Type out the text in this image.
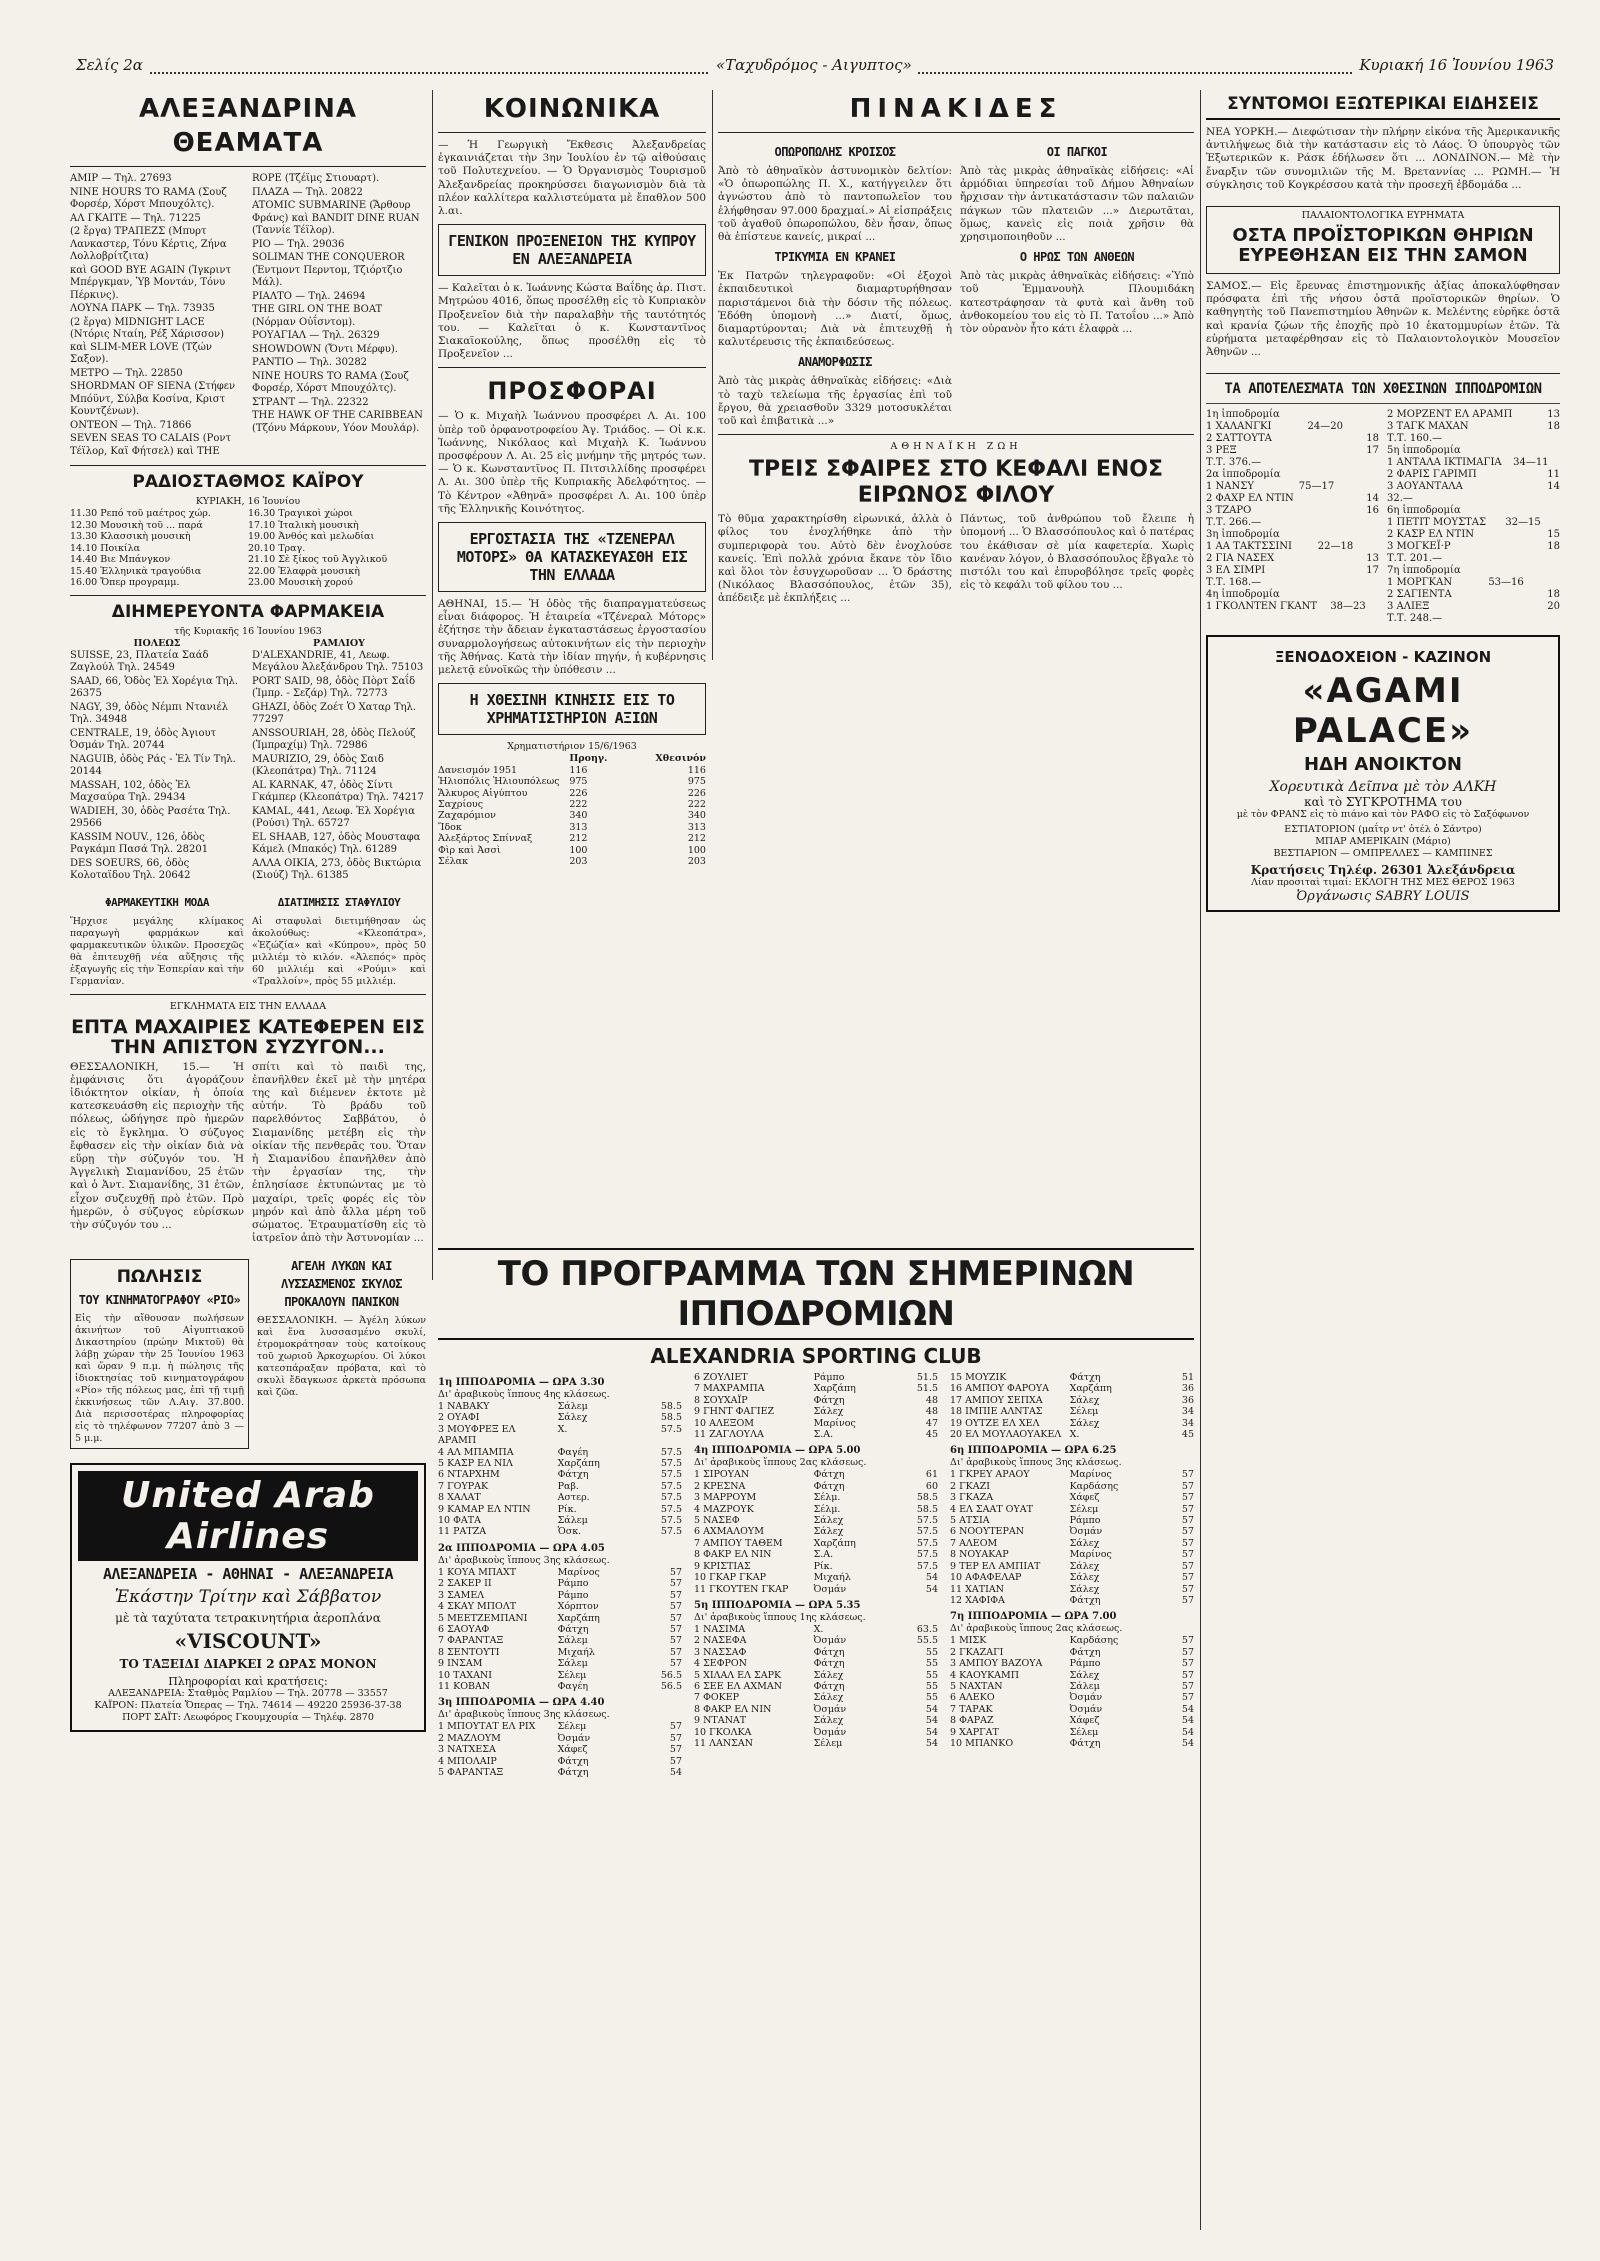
Σελίς 2α	«Ταχυδρόμος - Αιγυπτος»	Κυριακή 16 Ἰουνίου 1963
ΑΛΕΞΑΝΔΡΙΝΑ ΘΕΑΜΑΤΑ
ΑΜΙΡ — Τηλ. 27693
NINE HOURS TO RAMA (Σουζ Φορσέρ, Χόρστ Μπουχόλτς).
ΑΛ ΓΚΑΙΤΕ — Τηλ. 71225
(2 ἔργα) ΤΡΑΠΕΖΣ (Μπυρτ Λανκαστερ, Τόνυ Κέρτις, Ζήνα Λολλοβρίτζιτα)
καὶ GOOD BYE AGAIN (Ἰγκριντ Μπέργκμαν, Ὑβ Μοντάν, Τόνυ Πέρκινς).
ΛΟΥΝΑ ΠΑΡΚ — Τηλ. 73935
(2 ἔργα) MIDNIGHT LACE (Ντόρις Νταίη, Ρέξ Χάρισσον) καὶ SLIM-MER LOVE (Τζών Σαξον).
ΜΕΤΡΟ — Τηλ. 22850
SHORDMAN OF SIENA (Στήφεν Μπόϋντ, Σύλβα Κοσίνα, Κριστ Κουντζένων).
ΟΝΤΕΟΝ — Τηλ. 71866
SEVEN SEAS TO CALAIS (Ροντ Τέϊλορ, Καϊ Φήτσελ) καὶ THE
ROPE (Τζέϊμς Στιουαρτ).
ΠΛΑΖΑ — Τηλ. 20822
ATOMIC SUBMARINE (Ἄρθουρ Φράνς) καὶ BANDIT DINE RUAN (Ταννίε Τέϊλορ).
ΡΙΟ — Τηλ. 29036
SOLIMAN THE CONQUEROR (Ἐντμοντ Περντομ, Τζιόρτζιο Μάλ).
ΡΙΑΛΤΟ — Τηλ. 24694
THE GIRL ON THE BOAT (Νόρμαν Οὐΐσντομ).
ΡΟΥΑΓΙΑΛ — Τηλ. 26329
SHOWDOWN (Ὄντι Μέρφυ).
ΡΑΝΤΙΟ — Τηλ. 30282
NINE HOURS TO RAMA (Σουζ Φορσέρ, Χόρστ Μπουχόλτς).
ΣΤΡΑΝΤ — Τηλ. 22322
THE HAWK OF THE CARIBBEAN (Τζόνυ Μάρκουν, Υόον Μουλάρ).
ΡΑΔΙΟΣΤΑΘΜΟΣ ΚΑΪΡΟΥ
ΚΥΡΙΑΚΗ, 16 Ἰουνίου
11.30 Ρεπό τοῦ μαέτρος χώρ.	16.30 Τραγικοὶ χώροι
12.30 Μουσικὴ τοῦ ... παρά	17.10 Ἰταλικὴ μουσικὴ
13.30 Κλασσικὴ μουσικὴ	19.00 Ἀνθός καὶ μελωδίαι
14.10 Ποικίλα	20.10 Τραγ.
14.40 Βιε Μπάνγκον	21.10 Σὲ ξίκος τοῦ Ἀγγλικοῦ
15.40 Ἑλληνικὰ τραγούδια	22.00 Ἐλαφρὰ μουσικὴ
16.00 Ὄπερ προγραμμ.	23.00 Μουσικὴ χορού
ΔΙΗΜΕΡΕΥΟΝΤΑ ΦΑΡΜΑΚΕΙΑ
τῆς Κυριακῆς 16 Ἰουνίου 1963
ΠΟΛΕΩΣ
SUISSE, 23, Πλατεία Σαάδ Ζαγλούλ Τηλ. 24549
SAAD, 66, Ὁδὸς Ἐλ Χορέγια Τηλ. 26375
NAGY, 39, ὁδὸς Νέμπι Ντανιέλ Τηλ. 34948
CENTRALE, 19, ὁδὸς Ἀγιουτ Ὀσμάν Τηλ. 20744
NAGUIB, ὁδὸς Ράς - Ἐλ Τίν Τηλ. 20144
MASSAH, 102, ὁδὸς Ἐλ Μαχσαύρα Τηλ. 29434
WADIEH, 30, ὁδὸς Ρασέτα Τηλ. 29566
KASSIM NOUV., 126, ὁδὸς Ραγκάμπ Πασά Τηλ. 28201
DES SOEURS, 66, ὁδὸς Κολοταϊδου Τηλ. 20642
ΡΑΜΛΙΟΥ
D'ALEXANDRIE, 41, Λεωφ. Μεγάλου Ἀλεξάνδρου Τηλ. 75103
PORT SAID, 98, ὁδὸς Πὸρτ Σαΐδ (Ἰμπρ. - Σεζάρ) Τηλ. 72773
GHAZI, ὁδὸς Ζοέτ Ὁ Χαταρ Τηλ. 77297
ANSSOURIAH, 28, ὁδὸς Πελούζ (Ἰμπραχίμ) Τηλ. 72986
MAURIZIO, 29, ὁδὸς Σαιδ (Κλεοπάτρα) Τηλ. 71124
AL KARNAK, 47, ὁδὸς Σίντι Γκάμπερ (Κλεοπάτρα) Τηλ. 74217
KAMAL, 441, Λεωφ. Ἐλ Χορέγια (Ρούσι) Τηλ. 65727
EL SHAAB, 127, ὁδὸς Μουσταφα Κάμελ (Μπακός) Τηλ. 61289
ΑΛΛΑ ΟΙΚΙΑ, 273, ὁδὸς Βικτώρια (Σιούζ) Τηλ. 61385
ΦΑΡΜΑΚΕΥΤΙΚΗ ΜΟΔΑ
Ἤρχισε μεγάλης κλίμακος παραγωγὴ φαρμάκων καὶ φαρμακευτικῶν ὑλικῶν. Προσεχῶς θὰ ἐπιτευχθῇ νέα αὔξησις τῆς ἐξαγωγῆς εἰς τὴν Ἑσπερίαν καὶ τὴν Γερμανίαν.
ΔΙΑΤΙΜΗΣΙΣ ΣΤΑΦΥΛΙΟΥ
Αἱ σταφυλαὶ διετιμήθησαν ὡς ἀκολούθως: «Κλεοπάτρα», «Ἐζώζία» καὶ «Κύπρου», πρὸς 50 μιλλιέμ τὸ κιλόν. «Ἀλεπός» πρὸς 60 μιλλιέμ καὶ «Ρούμι» καὶ «Τραλλοίν», πρὸς 55 μιλλιέμ.
ΕΓΚΛΗΜΑΤΑ ΕΙΣ ΤΗΝ ΕΛΛΑΔΑ
ΕΠΤΑ ΜΑΧΑΙΡΙΕΣ ΚΑΤΕΦΕΡΕΝ ΕΙΣ ΤΗΝ ΑΠΙΣΤΟΝ ΣΥΖΥΓΟΝ...
ΘΕΣΣΑΛΟΝΙΚΗ, 15.— Ἡ ἐμφάνισις ὅτι ἀγοράζουν ἰδιόκτητον οἰκίαν, ἡ ὁποία κατεσκευάσθη εἰς περιοχὴν τῆς πόλεως, ὠδήγησε πρὸ ἡμερῶν εἰς τὸ ἔγκλημα. Ὁ σύζυγος ἔφθασεν εἰς τὴν οἰκίαν διὰ νὰ εὕρῃ τὴν σύζυγόν του. Ἡ Ἀγγελικὴ Σιαμανίδου, 25 ἐτῶν καὶ ὁ Ἀντ. Σιαμανίδης, 31 ἐτῶν, εἶχον συζευχθῇ πρὸ ἐτῶν. Πρὸ ἡμερῶν, ὁ σύζυγος εὑρίσκων τὴν σύζυγόν του ...
σπίτι καὶ τὸ παιδὶ της, ἐπανῆλθεν ἐκεῖ μὲ τὴν μητέρα της καὶ διέμενεν ἐκτοτε μὲ αὐτήν. Τὸ βράδυ τοῦ παρελθόντος Σαββάτου, ὁ Σιαμανίδης μετέβη εἰς τὴν οἰκίαν τῆς πενθερᾶς του. Ὅταν ἡ Σιαμανίδου ἐπανῆλθεν ἀπὸ τὴν ἐργασίαν της, τὴν ἐπλησίασε ἐκτυπώντας με τὸ μαχαίρι, τρεῖς φορές εἰς τὸν μηρόν καὶ ἀπὸ ἄλλα μέρη τοῦ σώματος. Ἐτραυματίσθη εἰς τὸ ἰατρεῖον ἀπὸ τὴν Ἀστυνομίαν ...
ΠΩΛΗΣΙΣ
ΤΟΥ ΚΙΝΗΜΑΤΟΓΡΑΦΟΥ «ΡΙΟ»
Εἰς τὴν αἴθουσαν πωλήσεων ἀκινήτων τοῦ Αἰγυπτιακοῦ Δικαστηρίου (πρώην Μικτοῦ) θὰ λάβῃ χώραν τὴν 25 Ἰουνίου 1963 καὶ ὥραν 9 π.μ. ἡ πώλησις τῆς ἰδιοκτησίας τοῦ κινηματογράφου «Ρίο» τῆς πόλεως μας, ἐπὶ τῇ τιμῇ ἐκκινήσεως τῶν Λ.Αιγ. 37.800. Διὰ περισσοτέρας πληροφορίας εἰς τὸ τηλέφωνον 77207 ἀπὸ 3 — 5 μ.μ.
ΑΓΕΛΗ ΛΥΚΩΝ ΚΑΙ ΛΥΣΣΑΣΜΕΝΟΣ ΣΚΥΛΟΣ ΠΡΟΚΑΛΟΥΝ ΠΑΝΙΚΟΝ
ΘΕΣΣΑΛΟΝΙΚΗ. — Ἀγέλη λύκων καὶ ἕνα λυσσασμένο σκυλί, ἐτρομοκράτησαν τοὺς κατοίκους τοῦ χωριοῦ Ἀρκοχωρίου. Οἱ λύκοι κατεσπάραξαν πρόβατα, καὶ τὸ σκυλὶ ἔδαγκωσε ἀρκετὰ πρόσωπα καὶ ζῶα.
United Arab Airlines
ΑΛΕΞΑΝΔΡΕΙΑ - ΑΘΗΝΑΙ - ΑΛΕΞΑΝΔΡΕΙΑ
Ἑκάστην Τρίτην καὶ Σάββατον
μὲ τὰ ταχύτατα τετρακινητήρια ἀεροπλάνα
«VISCOUNT»
ΤΟ ΤΑΞΕΙΔΙ ΔΙΑΡΚΕΙ 2 ΩΡΑΣ ΜΟΝΟΝ
Πληροφορίαι καὶ κρατήσεις:
ΑΛΕΞΑΝΔΡΕΙΑ: Σταθμὸς Ραμλίου — Τηλ. 20778 — 33557
ΚΑΪΡΟΝ: Πλατεία Ὄπερας — Τηλ. 74614 — 49220 25936-37-38
ΠΟΡΤ ΣΑΪΤ: Λεωφόρος Γκουμχουρία — Τηλέφ. 2870
ΚΟΙΝΩΝΙΚΑ
— Ἡ Γεωργικὴ Ἔκθεσις Ἀλεξανδρείας ἐγκαινιάζεται τὴν 3ην Ἰουλίου ἐν τῷ αἰθούσαις τοῦ Πολυτεχνείου. — Ὁ Ὀργανισμὸς Τουρισμοῦ Ἀλεξανδρείας προκηρύσσει διαγωνισμὸν διὰ τὰ πλέον καλλίτερα καλλιστεύματα μὲ ἔπαθλον 500 λ.αι.
ΓΕΝΙΚΟΝ ΠΡΟΞΕΝΕΙΟΝ ΤΗΣ ΚΥΠΡΟΥ ΕΝ ΑΛΕΞΑΝΔΡΕΙΑ
— Καλεῖται ὁ κ. Ἰωάννης Κώστα Βαΐδης ἀρ. Πιστ. Μητρώου 4016, ὅπως προσέλθῃ εἰς τὸ Κυπριακὸν Προξενεῖον διὰ τὴν παραλαβὴν τῆς ταυτότητός του. — Καλεῖται ὁ κ. Κωνσταντῖνος Σιακαϊοκούλης, ὅπως προσέλθῃ εἰς τὸ Προξενεῖον ...
ΠΡΟΣΦΟΡΑΙ
— Ὁ κ. Μιχαὴλ Ἰωάννου προσφέρει Λ. Αι. 100 ὑπὲρ τοῦ ὀρφανοτροφείου Ἀγ. Τριάδος. — Οἱ κ.κ. Ἰωάννης, Νικόλαος καὶ Μιχαὴλ Κ. Ἰωάννου προσφέρουν Λ. Αι. 25 εἰς μνήμην τῆς μητρός των. — Ὁ κ. Κωνσταντῖνος Π. Πιτσιλλίδης προσφέρει Λ. Αι. 300 ὑπὲρ τῆς Κυπριακῆς Ἀδελφότητος. — Τὸ Κέντρον «Ἀθηνᾶ» προσφέρει Λ. Αι. 100 ὑπὲρ τῆς Ἑλληνικῆς Κοινότητος.
ΕΡΓΟΣΤΑΣΙΑ ΤΗΣ «ΤΖΕΝΕΡΑΛ ΜΟΤΟΡΣ» ΘΑ ΚΑΤΑΣΚΕΥΑΣΘΗ ΕΙΣ ΤΗΝ ΕΛΛΑΔΑ
ΑΘΗΝΑΙ, 15.— Ἡ ὁδὸς τῆς διαπραγματεύσεως εἶναι διάφορος. Ἡ ἑταιρεία «Τζένεραλ Μότορς» ἐζήτησε τὴν ἄδειαν ἐγκαταστάσεως ἐργοστασίου συναρμολογήσεως αὐτοκινήτων εἰς τὴν περιοχὴν τῆς Ἀθήνας. Κατὰ τὴν ἰδίαν πηγήν, ἡ κυβέρνησις μελετᾷ εὐνοϊκῶς τὴν ὑπόθεσιν ...
Η ΧΘΕΣΙΝΗ ΚΙΝΗΣΙΣ ΕΙΣ ΤΟ ΧΡΗΜΑΤΙΣΤΗΡΙΟΝ ΑΞΙΩΝ
Χρηματιστήριον 15/6/1963
Προηγ.	Χθεσινόν
Δανεισμόν 1951	116	116
Ἡλιοπόλις Ἡλιουπόλεως	975	975
Ἄλκυρος Αἰγύπτου	226	226
Σαχρίους	222	222
Ζαχαρόμιον	340	340
Ἴδοκ	313	313
Ἀλεξάρτος Σπίνναξ	212	212
Φὶρ καὶ Ἀσσὶ	100	100
Σέλακ	203	203
ΠΙΝΑΚΙΔΕΣ
ΟΠΩΡΟΠΩΛΗΣ ΚΡΟΙΣΟΣ
Ἀπὸ τὸ ἀθηναϊκὸν ἀστυνομικὸν δελτίον: «Ὁ ὀπωροπώλης Π. Χ., κατήγγειλεν ὅτι ἀγνώστου ἀπὸ τὸ παντοπωλεῖον του ἐλήφθησαν 97.000 δραχμαί.» Αἱ εἰσπράξεις τοῦ ἀγαθοῦ ὀπωροπώλου, δὲν ἦσαν, ὅπως θὰ ἐπίστευε κανείς, μικραί ...
ΤΡΙΚΥΜΙΑ ΕΝ ΚΡΑΝΕΙ
Ἐκ Πατρῶν τηλεγραφοῦν: «Οἱ ἐξοχοὶ ἐκπαιδευτικοὶ διαμαρτυρήθησαν παριστάμενοι διὰ τὴν δόσιν τῆς πόλεως. Ἐδόθη ὑπομονὴ ...» Διατί, ὅμως, διαμαρτύρονται; Διὰ νὰ ἐπιτευχθῇ ἡ καλυτέρευσις τῆς ἐκπαιδεύσεως.
ΑΝΑΜΟΡΦΩΣΙΣ
Ἀπὸ τὰς μικρὰς ἀθηναϊκὰς εἰδήσεις: «Διὰ τὸ ταχὺ τελείωμα τῆς ἐργασίας ἐπὶ τοῦ ἔργου, θὰ χρειασθοῦν 3329 μοτοσυκλέται τοῦ καὶ ἐπιβατικὰ ...»
ΟΙ ΠΑΓΚΟΙ
Ἀπὸ τὰς μικρὰς ἀθηναϊκὰς εἰδήσεις: «Αἱ ἀρμόδιαι ὑπηρεσίαι τοῦ Δήμου Ἀθηναίων ἤρχισαν τὴν ἀντικατάστασιν τῶν παλαιῶν πάγκων τῶν πλατειῶν ...» Διερωτᾶται, ὅμως, κανεὶς εἰς ποιὰ χρῆσιν θὰ χρησιμοποιηθοῦν ...
Ο ΗΡΩΣ ΤΩΝ ΑΝΘΕΩΝ
Ἀπὸ τὰς μικρὰς ἀθηναϊκὰς εἰδήσεις: «Ὑπὸ τοῦ Ἐμμανουὴλ Πλουμιδάκη κατεστράφησαν τὰ φυτὰ καὶ ἄνθη τοῦ ἀνθοκομείου του εἰς τὸ Π. Τατοΐου ...» Ἀπὸ τὸν οὐρανὸν ἦτο κάτι ἐλαφρὰ ...
ΑΘΗΝΑΪΚΗ ΖΩΗ
ΤΡΕΙΣ ΣΦΑΙΡΕΣ ΣΤΟ ΚΕΦΑΛΙ ΕΝΟΣ ΕΙΡΩΝΟΣ ΦΙΛΟΥ
Τὸ θῦμα χαρακτηρίσθη εἰρωνικά, ἀλλὰ ὁ φίλος του ἐνοχλήθηκε ἀπὸ τὴν συμπεριφορὰ του. Αὐτὸ δὲν ἐνοχλούσε κανείς. Ἐπὶ πολλὰ χρόνια ἔκανε τὸν ἴδιο καὶ ὅλοι τὸν ἐσυγχωροῦσαν ... Ὁ δράστης (Νικόλαος Βλασσόπουλος, ἐτῶν 35), ἀπέδειξε μὲ ἐκπλήξεις ...
Πάντως, τοῦ ἀνθρώπου τοῦ ἔλειπε ἡ ὑπομονή ... Ὁ Βλασσόπουλος καὶ ὁ πατέρας του ἐκάθισαν σὲ μία καφετερία. Χωρὶς κανέναν λόγον, ὁ Βλασσόπουλος ἔβγαλε τὸ πιστόλι του καὶ ἐπυροβόλησε τρεῖς φορὲς εἰς τὸ κεφάλι τοῦ φίλου του ...
ΣΥΝΤΟΜΟΙ ΕΞΩΤΕΡΙΚΑΙ ΕΙΔΗΣΕΙΣ
ΝΕΑ ΥΟΡΚΗ.— Διεφώτισαν τὴν πλήρην εἰκόνα τῆς Ἀμερικανικῆς ἀντιλήψεως διὰ τὴν κατάστασιν εἰς τὸ Λάος. Ὁ ὑπουργὸς τῶν Ἐξωτερικῶν κ. Ράσκ ἐδήλωσεν ὅτι ... ΛΟΝΔΙΝΟΝ.— Μὲ τὴν ἔναρξιν τῶν συνομιλιῶν τῆς Μ. Βρεταννίας ... ΡΩΜΗ.— Ἡ σύγκλησις τοῦ Κογκρέσσου κατὰ τὴν προσεχῆ ἑβδομάδα ...
ΠΑΛΑΙΟΝΤΟΛΟΓΙΚΑ ΕΥΡΗΜΑΤΑ
ΟΣΤΑ ΠΡΟΪΣΤΟΡΙΚΩΝ ΘΗΡΙΩΝ ΕΥΡΕΘΗΣΑΝ ΕΙΣ ΤΗΝ ΣΑΜΟΝ
ΣΑΜΟΣ.— Εἰς ἔρευνας ἐπιστημονικῆς ἀξίας ἀποκαλύφθησαν πρόσφατα ἐπὶ τῆς νήσου ὀστᾶ προϊστορικῶν θηρίων. Ὁ καθηγητὴς τοῦ Πανεπιστημίου Ἀθηνῶν κ. Μελέντης εὑρῆκε ὀστᾶ καὶ κρανία ζῴων τῆς ἐποχῆς πρὸ 10 ἑκατομμυρίων ἐτῶν. Τὰ εὑρήματα μεταφέρθησαν εἰς τὸ Παλαιοντολογικὸν Μουσεῖον Ἀθηνῶν ...
ΤΑ ΑΠΟΤΕΛΕΣΜΑΤΑ ΤΩΝ ΧΘΕΣΙΝΩΝ ΙΠΠΟΔΡΟΜΙΩΝ
1η ἱπποδρομία
1 ΧΑΛΑΝΓΚΙ	24—20
2 ΣΑΤΤΟΥΤΑ	18
3 ΡΕΞ	17
Τ.Τ. 376.—
2α ἱπποδρομία
1 ΝΑΝΣΥ	75—17
2 ΦΑΧΡ ΕΛ ΝΤΙΝ	14
3 ΤΖΑΡΟ	16
Τ.Τ. 266.—
3η ἱπποδρομία
1 ΑΑ ΤΑΚΤΣΣΙΝΙ	22—18
2 ΓΙΑ ΝΑΣΕΧ	13
3 ΕΛ ΣΙΜΡΙ	17
Τ.Τ. 168.—
4η ἱπποδρομία
1 ΓΚΟΛΝΤΕΝ ΓΚΑΝΤ 38—23
2 ΜΟΡΖΕΝΤ ΕΛ ΑΡΑΜΠ	13
3 ΤΑΓΚ ΜΑΧΑΝ	18
Τ.Τ. 160.—
5η ἱπποδρομία
1 ΑΝΤΑΛΑ ΙΚΤΙΜΑΓΙΑ 34—11
2 ΦΑΡΙΣ ΓΑΡΙΜΠ	11
3 ΑΟΥΑΝΤΑΛΑ	14
32.—
6η ἱπποδρομία
1 ΠΕΤΙΤ ΜΟΥΣΤΑΣ 32—15
2 ΚΑΣΡ ΕΛ ΝΤΙΝ	15
3 ΜΟΓΚΕΪ·Ρ	18
Τ.Τ. 201.—
7η ἱπποδρομία
1 ΜΟΡΓΚΑΝ	53—16
2 ΣΑΓΙΕΝΤΑ	18
3 ΑΛΙΕΞ	20
Τ.Τ. 248.—
ΞΕΝΟΔΟΧΕΙΟΝ - ΚΑΖΙΝΟΝ
«AGAMI PALACE»
ΗΔΗ ΑΝΟΙΚΤΟΝ
Χορευτικὰ Δεῖπνα μὲ τὸν ΑΛΚΗ
καὶ τὸ ΣΥΓΚΡΟΤΗΜΑ του
μὲ τὸν ΦΡΑΝΣ εἰς τὸ πιάνο καὶ τὸν ΡΑΦΟ εἰς τὸ Σαξόφωνον
ΕΣΤΙΑΤΟΡΙΟΝ (μαΐτρ ντ' ὀτέλ ὁ Σάντρο)
ΜΠΑΡ ΑΜΕΡΙΚΑΙΝ (Μάριο)
ΒΕΣΤΙΑΡΙΟΝ — ΟΜΠΡΕΛΛΕΣ — ΚΑΜΠΙΝΕΣ
Κρατήσεις Τηλέφ. 26301 Ἀλεξάνδρεια
Λίαν προσιταὶ τιμαί: ΕΚΛΟΓΗ ΤΗΣ ΜΕΣ ΘΕΡΟΣ 1963
Ὀργάνωσις SABRY LOUIS
ΤΟ ΠΡΟΓΡΑΜΜΑ ΤΩΝ ΣΗΜΕΡΙΝΩΝ ΙΠΠΟΔΡΟΜΙΩΝ
ALEXANDRIA SPORTING CLUB
1η ΙΠΠΟΔΡΟΜΙΑ — ΩΡΑ 3.30
Δι' ἀραβικοὺς ἵππους 4ης κλάσεως.
1 ΝΑΒΑΚΥ	Σάλεμ	58.5
2 ΟΥΑΦΙ	Σάλεχ	58.5
3 ΜΟΥΦΡΕΞ ΕΛ ΑΡΑΜΠ
Χ.	57.5
4 ΑΛ ΜΠΑΜΠΑ	Φαγέη	57.5
5 ΚΑΣΡ ΕΛ ΝΙΛ	Χαρζάπη	57.5
6 ΝΤΑΡΧΗΜ	Φάτχη	57.5
7 ΓΟΥΡΑΚ	Ραβ.	57.5
8 ΧΑΛΑΤ	Αστερ.	57.5
9 ΚΑΜΑΡ ΕΛ ΝΤΙΝ	Ρίκ.	57.5
10 ΦΑΤΑ	Σάλεμ	57.5
11 ΡΑΤΖΑ	Ὁσκ.	57.5
2α ΙΠΠΟΔΡΟΜΙΑ — ΩΡΑ 4.05
Δι' ἀραβικοὺς ἵππους 3ης κλάσεως.
1 ΚΟΥΑ ΜΠΑΧΤ	Μαρίνος	57
2 ΣΑΚΕΡ ΙΙ	Ράμπο	57
3 ΣΑΜΕΛ	Ράμπο	57
4 ΣΚΑΥ ΜΠΟΛΤ	Χόρπτον	57
5 ΜΕΕΤΖΕΜΠΑΝΙ	Χαρζάπη	57
6 ΣΑΟΥΑΦ	Φάτχη	57
7 ΦΑΡΑΝΤΑΞ	Σάλεμ	57
8 ΣΕΝΤΟΥΤΙ	Μιχαήλ	57
9 ΙΝΣΑΜ	Σάλεμ	57
10 ΤΑΧΑΝΙ	Σέλεμ	56.5
11 ΚΟΒΑΝ	Φαγέη	56.5
3η ΙΠΠΟΔΡΟΜΙΑ — ΩΡΑ 4.40
Δι' ἀραβικοὺς ἵππους 3ης κλάσεως.
1 ΜΠΟΥΤΑΤ ΕΛ ΡΙΧ	Σέλεμ	57
2 ΜΑΖΛΟΥΜ	Ὀσμάν	57
3 ΝΑΤΧΕΣΑ	Χάφεζ	57
4 ΜΠΟΛΑΙΡ	Φάτχη	57
5 ΦΑΡΑΝΤΑΞ	Φάτχη	54
6 ΖΟΥΛΙΕΤ	Ράμπο	51.5
7 ΜΑΧΡΑΜΠΑ	Χαρζάπη	51.5
8 ΣΟΥΧΑΪΡ	Φάτχη	48
9 ΓΗΝΤ ΦΑΓΙΕΖ	Σάλεχ	48
10 ΑΛΕΞΟΜ	Μαρίνος	47
11 ΖΑΓΛΟΥΛΑ	Σ.Α.	45
4η ΙΠΠΟΔΡΟΜΙΑ — ΩΡΑ 5.00
Δι' ἀραβικοὺς ἵππους 2ας κλάσεως.
1 ΣΙΡΟΥΑΝ	Φάτχη	61
2 ΚΡΕΣΝΑ	Φάτχη	60
3 ΜΑΡΡΟΥΜ	Σέλμ.	58.5
4 ΜΑΖΡΟΥΚ	Σέλμ.	58.5
5 ΝΑΣΕΦ	Σάλεχ	57.5
6 ΑΧΜΑΛΟΥΜ	Σάλεχ	57.5
7 ΑΜΠΟΥ ΤΑΘΕΜ	Χαρζάπη	57.5
8 ΦΑΚΡ ΕΛ ΝΙΝ	Σ.Α.	57.5
9 ΚΡΙΣΤΙΑΣ	Ρίκ.	57.5
10 ΓΚΑΡ ΓΚΑΡ	Μιχαήλ	54
11 ΓΚΟΥΤΕΝ ΓΚΑΡ	Ὀσμάν	54
5η ΙΠΠΟΔΡΟΜΙΑ — ΩΡΑ 5.35
Δι' ἀραβικοὺς ἵππους 1ης κλάσεως.
1 ΝΑΣΙΜΑ	Χ.	63.5
2 ΝΑΣΕΦΑ	Ὀσμάν	55.5
3 ΝΑΣΣΑΦ	Φάτχη	55
4 ΣΕΦΡΟΝ	Φάτχη	55
5 ΧΙΛΑΛ ΕΛ ΣΑΡΚ	Σάλεχ	55
6 ΣΕΕ ΕΛ ΑΧΜΑΝ	Φάτχη	55
7 ΦΟΚΕΡ	Σάλεχ	55
8 ΦΑΚΡ ΕΛ ΝΙΝ	Ὀσμάν	54
9 ΝΤΑΝΑΤ	Σάλεχ	54
10 ΓΚΟΛΚΑ	Ὀσμάν	54
11 ΛΑΝΣΑΝ	Σέλεμ	54
15 ΜΟΥΖΙΚ	Φάτχη	51
16 ΑΜΠΟΥ ΦΑΡΟΥΑ	Χαρζάπη	36
17 ΑΜΠΟΥ ΣΕΠΧΑ	Σάλεχ	36
18 ΙΜΠΙΕ ΑΛΝΤΑΣ	Σέλεμ	34
19 ΟΥΤΖΕ ΕΛ ΧΕΛ	Σάλεχ	34
20 ΕΛ ΜΟΥΛΑΟΥΑΚΕΛ Χ.	45
6η ΙΠΠΟΔΡΟΜΙΑ — ΩΡΑ 6.25
Δι' ἀραβικοὺς ἵππους 3ης κλάσεως.
1 ΓΚΡΕΥ ΑΡΑΟΥ	Μαρίνος	57
2 ΓΚΑΖΙ	Καρδάσης	57
3 ΓΚΑΖΑ	Χάφεζ	57
4 ΕΛ ΣΑΑΤ ΟΥΑΤ	Σέλεμ	57
5 ΑΤΣΙΑ	Ράμπο	57
6 ΝΟΟΥΤΕΡΑΝ	Ὀσμάν	57
7 ΑΛΕΟΜ	Σάλεχ	57
8 ΝΟΥΑΚΑΡ	Μαρίνος	57
9 ΤΕΡ ΕΛ ΑΜΠΙΑΤ	Σάλεχ	57
10 ΑΦΑΦΕΛΑΡ	Σάλεχ	57
11 ΧΑΤΙΑΝ	Σάλεχ	57
12 ΧΑΦΙΦΑ	Φάτχη	57
7η ΙΠΠΟΔΡΟΜΙΑ — ΩΡΑ 7.00
Δι' ἀραβικοὺς ἵππους 2ας κλάσεως.
1 ΜΙΣΚ	Καρδάσης	57
2 ΓΚΑΖΑΓΙ	Φάτχη	57
3 ΑΜΠΟΥ ΒΑΖΟΥΑ	Ράμπο	57
4 ΚΑΟΥΚΑΜΠ	Σάλεχ	57
5 ΝΑΧΤΑΝ	Σάλεμ	57
6 ΑΛΕΚΟ	Ὀσμάν	57
7 ΤΑΡΑΚ	Ὀσμάν	54
8 ΦΑΡΑΖ	Χάφεζ	54
9 ΧΑΡΓΑΤ	Σέλεμ	54
10 ΜΠΑΝΚΟ	Φάτχη	54
